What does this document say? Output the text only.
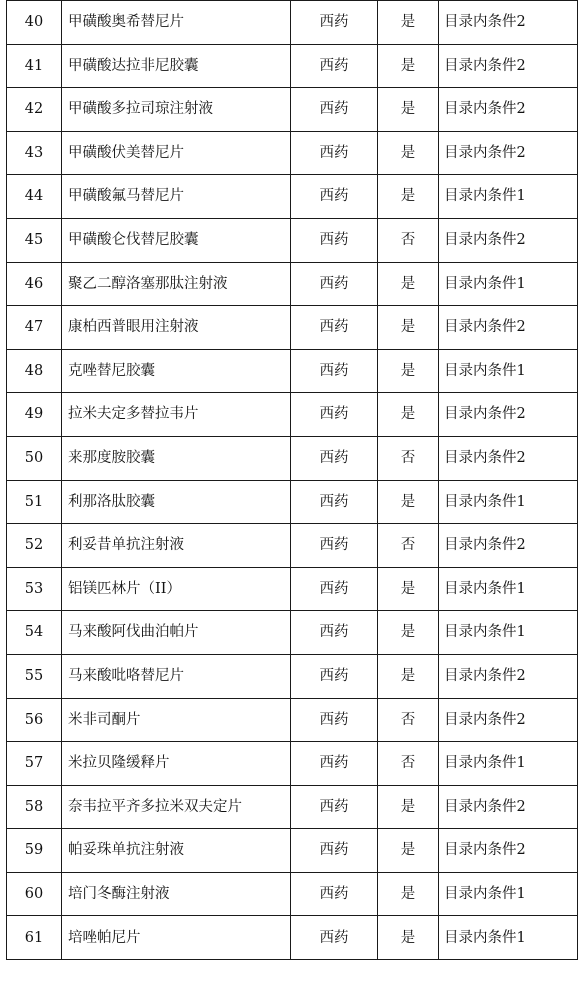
40	甲磺酸奥希替尼片	西药	是	目录内条件2
41	甲磺酸达拉非尼胶囊	西药	是	目录内条件2
42	甲磺酸多拉司琼注射液	西药	是	目录内条件2
43	甲磺酸伏美替尼片	西药	是	目录内条件2
44	甲磺酸氟马替尼片	西药	是	目录内条件1
45	甲磺酸仑伐替尼胶囊	西药	否	目录内条件2
46	聚乙二醇洛塞那肽注射液	西药	是	目录内条件1
47	康柏西普眼用注射液	西药	是	目录内条件2
48	克唑替尼胶囊	西药	是	目录内条件1
49	拉米夫定多替拉韦片	西药	是	目录内条件2
50	来那度胺胶囊	西药	否	目录内条件2
51	利那洛肽胶囊	西药	是	目录内条件1
52	利妥昔单抗注射液	西药	否	目录内条件2
53	铝镁匹林片（II）	西药	是	目录内条件1
54	马来酸阿伐曲泊帕片	西药	是	目录内条件1
55	马来酸吡咯替尼片	西药	是	目录内条件2
56	米非司酮片	西药	否	目录内条件2
57	米拉贝隆缓释片	西药	否	目录内条件1
58	奈韦拉平齐多拉米双夫定片	西药	是	目录内条件2
59	帕妥珠单抗注射液	西药	是	目录内条件2
60	培门冬酶注射液	西药	是	目录内条件1
61	培唑帕尼片	西药	是	目录内条件1
